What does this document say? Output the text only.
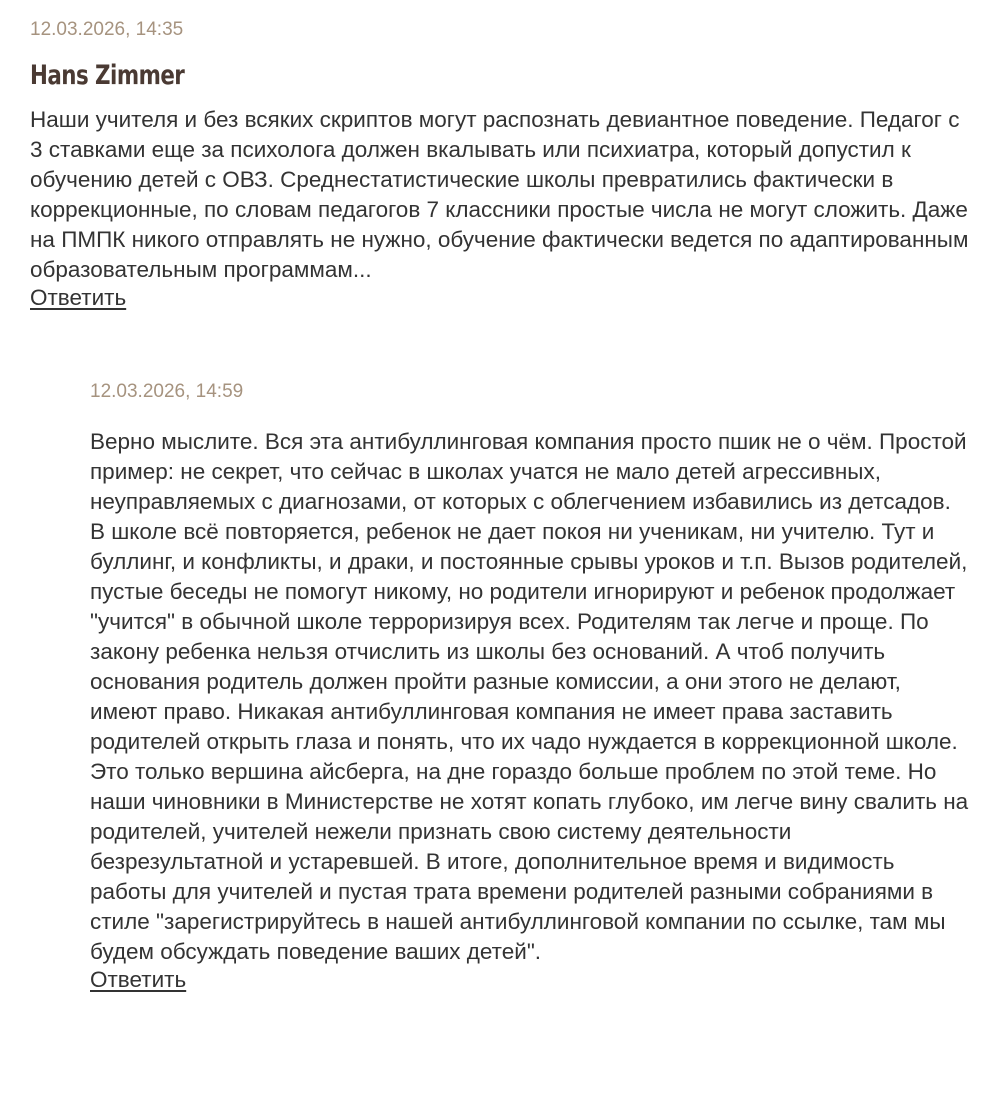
12.03.2026, 14:35

Hans Zimmer

Наши учителя и без всяких скриптов могут распознать девиантное поведение. Педагог с 3 ставками еще за психолога должен вкалывать или психиатра, который допустил к обучению детей с ОВЗ. Среднестатистические школы превратились фактически в коррекционные, по словам педагогов 7 классники простые числа не могут сложить. Даже на ПМПК никого отправлять не нужно, обучение фактически ведется по адаптированным образовательным программам...

Ответить

12.03.2026, 14:59

Верно мыслите. Вся эта антибуллинговая компания просто пшик не о чём. Простой пример: не секрет, что сейчас в школах учатся не мало детей агрессивных, неуправляемых с диагнозами, от которых с облегчением избавились из детсадов. В школе всё повторяется, ребенок не дает покоя ни ученикам, ни учителю. Тут и буллинг, и конфликты, и драки, и постоянные срывы уроков и т.п. Вызов родителей, пустые беседы не помогут никому, но родители игнорируют и ребенок продолжает "учится" в обычной школе терроризируя всех. Родителям так легче и проще. По закону ребенка нельзя отчислить из школы без оснований. А чтоб получить основания родитель должен пройти разные комиссии, а они этого не делают, имеют право. Никакая антибуллинговая компания не имеет права заставить родителей открыть глаза и понять, что их чадо нуждается в коррекционной школе. Это только вершина айсберга, на дне гораздо больше проблем по этой теме. Но наши чиновники в Министерстве не хотят копать глубоко, им легче вину свалить на родителей, учителей нежели признать свою систему деятельности безрезультатной и устаревшей. В итоге, дополнительное время и видимость работы для учителей и пустая трата времени родителей разными собраниями в стиле "зарегистрируйтесь в нашей антибуллинговой компании по ссылке, там мы будем обсуждать поведение ваших детей".

Ответить
